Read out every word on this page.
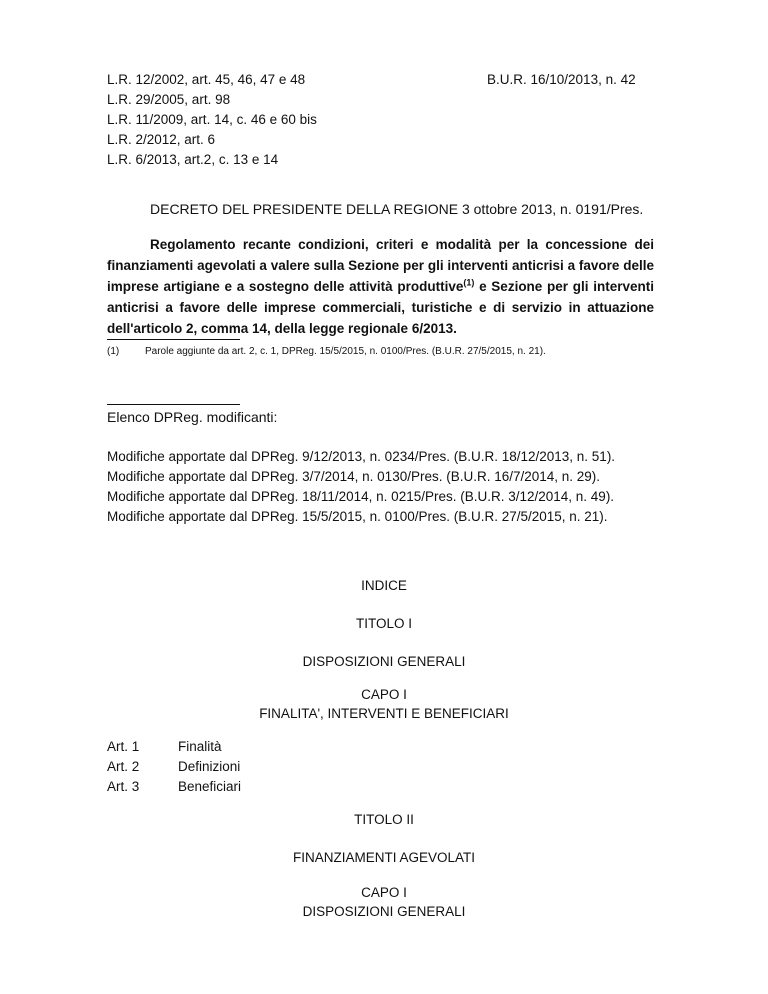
L.R. 12/2002, art. 45, 46, 47 e 48
L.R. 29/2005, art. 98
L.R. 11/2009, art. 14, c. 46 e 60 bis
L.R. 2/2012, art. 6
L.R. 6/2013, art.2, c. 13 e 14
B.U.R. 16/10/2013, n. 42
DECRETO DEL PRESIDENTE DELLA REGIONE 3 ottobre 2013, n. 0191/Pres.
Regolamento recante condizioni, criteri e modalità per la concessione dei finanziamenti agevolati a valere sulla Sezione per gli interventi anticrisi a favore delle imprese artigiane e a sostegno delle attività produttive$^{(1)}$ e Sezione per gli interventi anticrisi a favore delle imprese commerciali, turistiche e di servizio in attuazione dell'articolo 2, comma 14, della legge regionale 6/2013.
(1)	Parole aggiunte da art. 2, c. 1, DPReg. 15/5/2015, n. 0100/Pres. (B.U.R. 27/5/2015, n. 21).
Elenco DPReg. modificanti:
Modifiche apportate dal DPReg. 9/12/2013, n. 0234/Pres. (B.U.R. 18/12/2013, n. 51).
Modifiche apportate dal DPReg. 3/7/2014, n. 0130/Pres. (B.U.R. 16/7/2014, n. 29).
Modifiche apportate dal DPReg. 18/11/2014, n. 0215/Pres. (B.U.R. 3/12/2014, n. 49).
Modifiche apportate dal DPReg. 15/5/2015, n. 0100/Pres. (B.U.R. 27/5/2015, n. 21).
INDICE
TITOLO I
DISPOSIZIONI GENERALI
CAPO I
FINALITA', INTERVENTI E BENEFICIARI
Art. 1	Finalità
Art. 2	Definizioni
Art. 3	Beneficiari
TITOLO II
FINANZIAMENTI AGEVOLATI
CAPO I
DISPOSIZIONI GENERALI
